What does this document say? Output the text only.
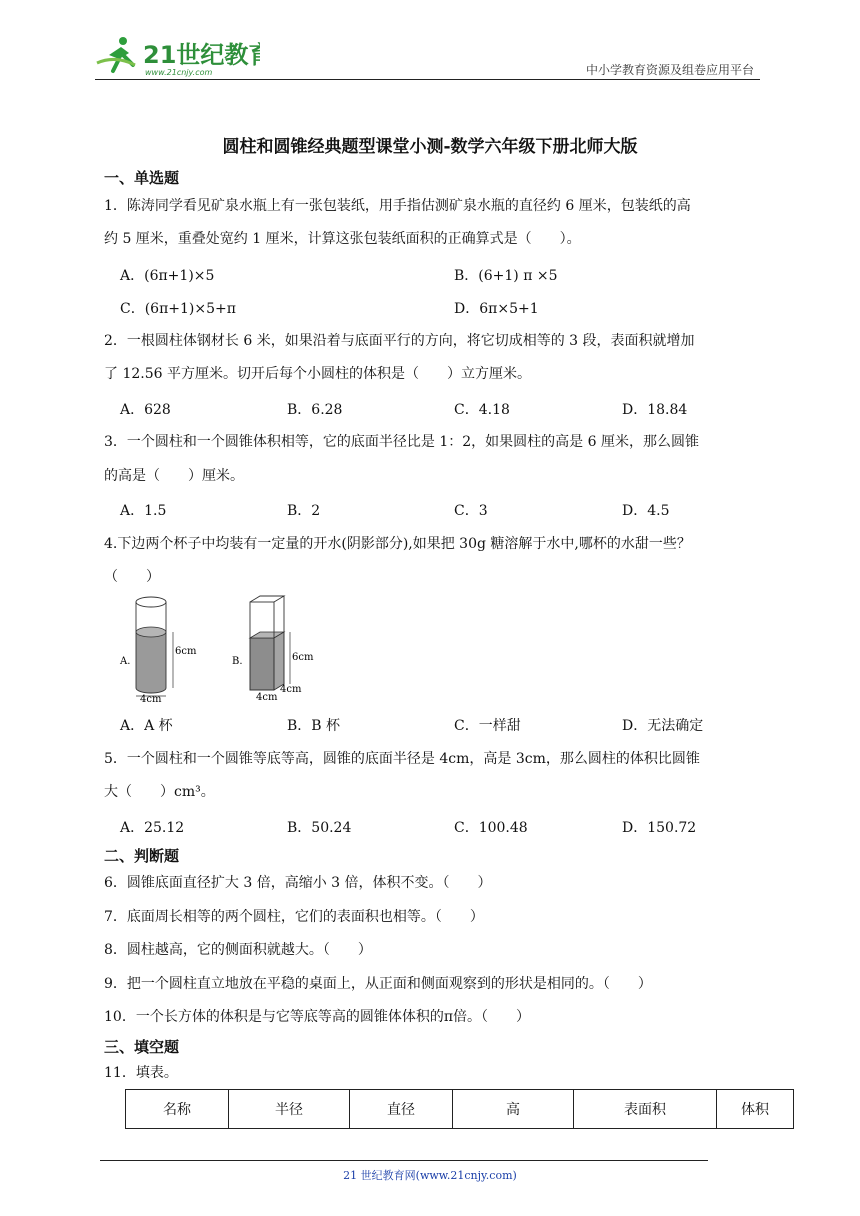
21世纪教育
www.21cnjy.com	中小学教育资源及组卷应用平台
圆柱和圆锥经典题型课堂小测-数学六年级下册北师大版
一、单选题
1．陈涛同学看见矿泉水瓶上有一张包装纸，用手指估测矿泉水瓶的直径约 6 厘米，包装纸的高
约 5 厘米，重叠处宽约 1 厘米，计算这张包装纸面积的正确算式是（　　）。
A．(6π+1)×5	B．(6+1) π ×5
C．(6π+1)×5+π	D．6π×5+1
2．一根圆柱体钢材长 6 米，如果沿着与底面平行的方向，将它切成相等的 3 段，表面积就增加
了 12.56 平方厘米。切开后每个小圆柱的体积是（　　）立方厘米。
A．628	B．6.28	C．4.18	D．18.84
3．一个圆柱和一个圆锥体积相等，它的底面半径比是 1：2，如果圆柱的高是 6 厘米，那么圆锥
的高是（　　）厘米。
A．1.5	B．2	C．3	D．4.5
4.下边两个杯子中均装有一定量的开水(阴影部分),如果把 30g 糖溶解于水中,哪杯的水甜一些？
（　　）
A.
6cm
4cm
B.	6cm
4cm
4cm
A．A 杯	B．B 杯	C．一样甜	D．无法确定
5．一个圆柱和一个圆锥等底等高，圆锥的底面半径是 4cm，高是 3cm，那么圆柱的体积比圆锥
大（　　）cm³。
A．25.12	B．50.24	C．100.48	D．150.72
二、判断题
6．圆锥底面直径扩大 3 倍，高缩小 3 倍，体积不变。（　　）
7．底面周长相等的两个圆柱，它们的表面积也相等。（　　）
8．圆柱越高，它的侧面积就越大。（　　）
9．把一个圆柱直立地放在平稳的桌面上，从正面和侧面观察到的形状是相同的。（　　）
10．一个长方体的体积是与它等底等高的圆锥体体积的π倍。（　　）
三、填空题
11．填表。
名称	半径	直径	高	表面积	体积
21 世纪教育网(www.21cnjy.com)
